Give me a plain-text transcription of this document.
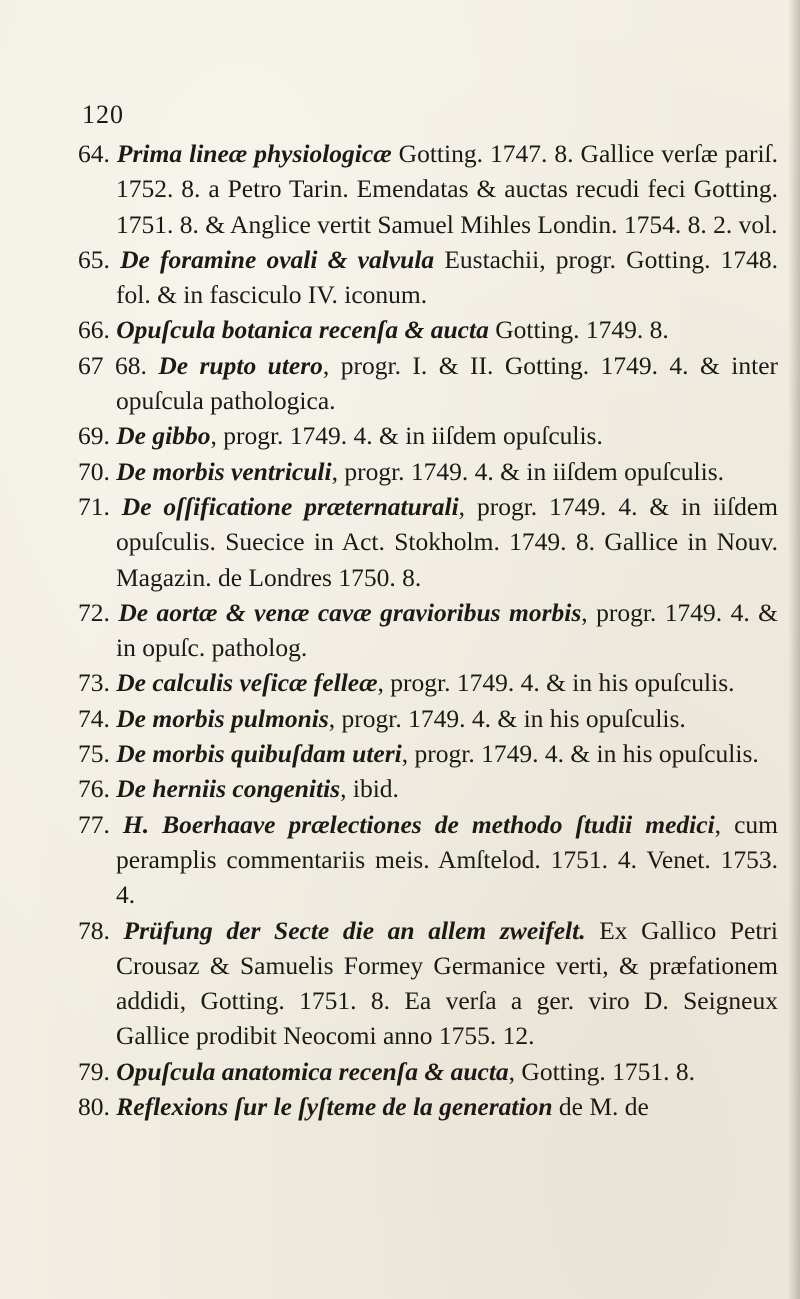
120

64. Prima lineæ physiologicæ Gotting. 1747. 8. Gallice verſæ pariſ. 1752. 8. a Petro Tarin. Emendatas & auctas recudi feci Gotting. 1751. 8. & Anglice vertit Samuel Mihles Londin. 1754. 8. 2. vol.

65. De foramine ovali & valvula Eustachii, progr. Gotting. 1748. fol. & in fasciculo IV. iconum.

66. Opuſcula botanica recenſa & aucta Gotting. 1749. 8.

67 68. De rupto utero, progr. I. & II. Gotting. 1749. 4. & inter opuſcula pathologica.

69. De gibbo, progr. 1749. 4. & in iiſdem opuſculis.

70. De morbis ventriculi, progr. 1749. 4. & in iiſdem opuſculis.

71. De oſſificatione præternaturali, progr. 1749. 4. & in iiſdem opuſculis. Suecice in Act. Stokholm. 1749. 8. Gallice in Nouv. Magazin. de Londres 1750. 8.

72. De aortæ & venæ cavæ gravioribus morbis, progr. 1749. 4. & in opuſc. patholog.

73. De calculis veſicæ felleæ, progr. 1749. 4. & in his opuſculis.

74. De morbis pulmonis, progr. 1749. 4. & in his opuſculis.

75. De morbis quibuſdam uteri, progr. 1749. 4. & in his opuſculis.

76. De herniis congenitis, ibid.

77. H. Boerhaave prælectiones de methodo ſtudii medici, cum peramplis commentariis meis. Amſtelod. 1751. 4. Venet. 1753. 4.

78. Prüfung der Secte die an allem zweifelt. Ex Gallico Petri Crousaz & Samuelis Formey Germanice verti, & præfationem addidi, Gotting. 1751. 8. Ea verſa a ger. viro D. Seigneux Gallice prodibit Neocomi anno 1755. 12.

79. Opuſcula anatomica recenſa & aucta, Gotting. 1751. 8.

80. Reflexions ſur le ſyſteme de la generation de M. de
